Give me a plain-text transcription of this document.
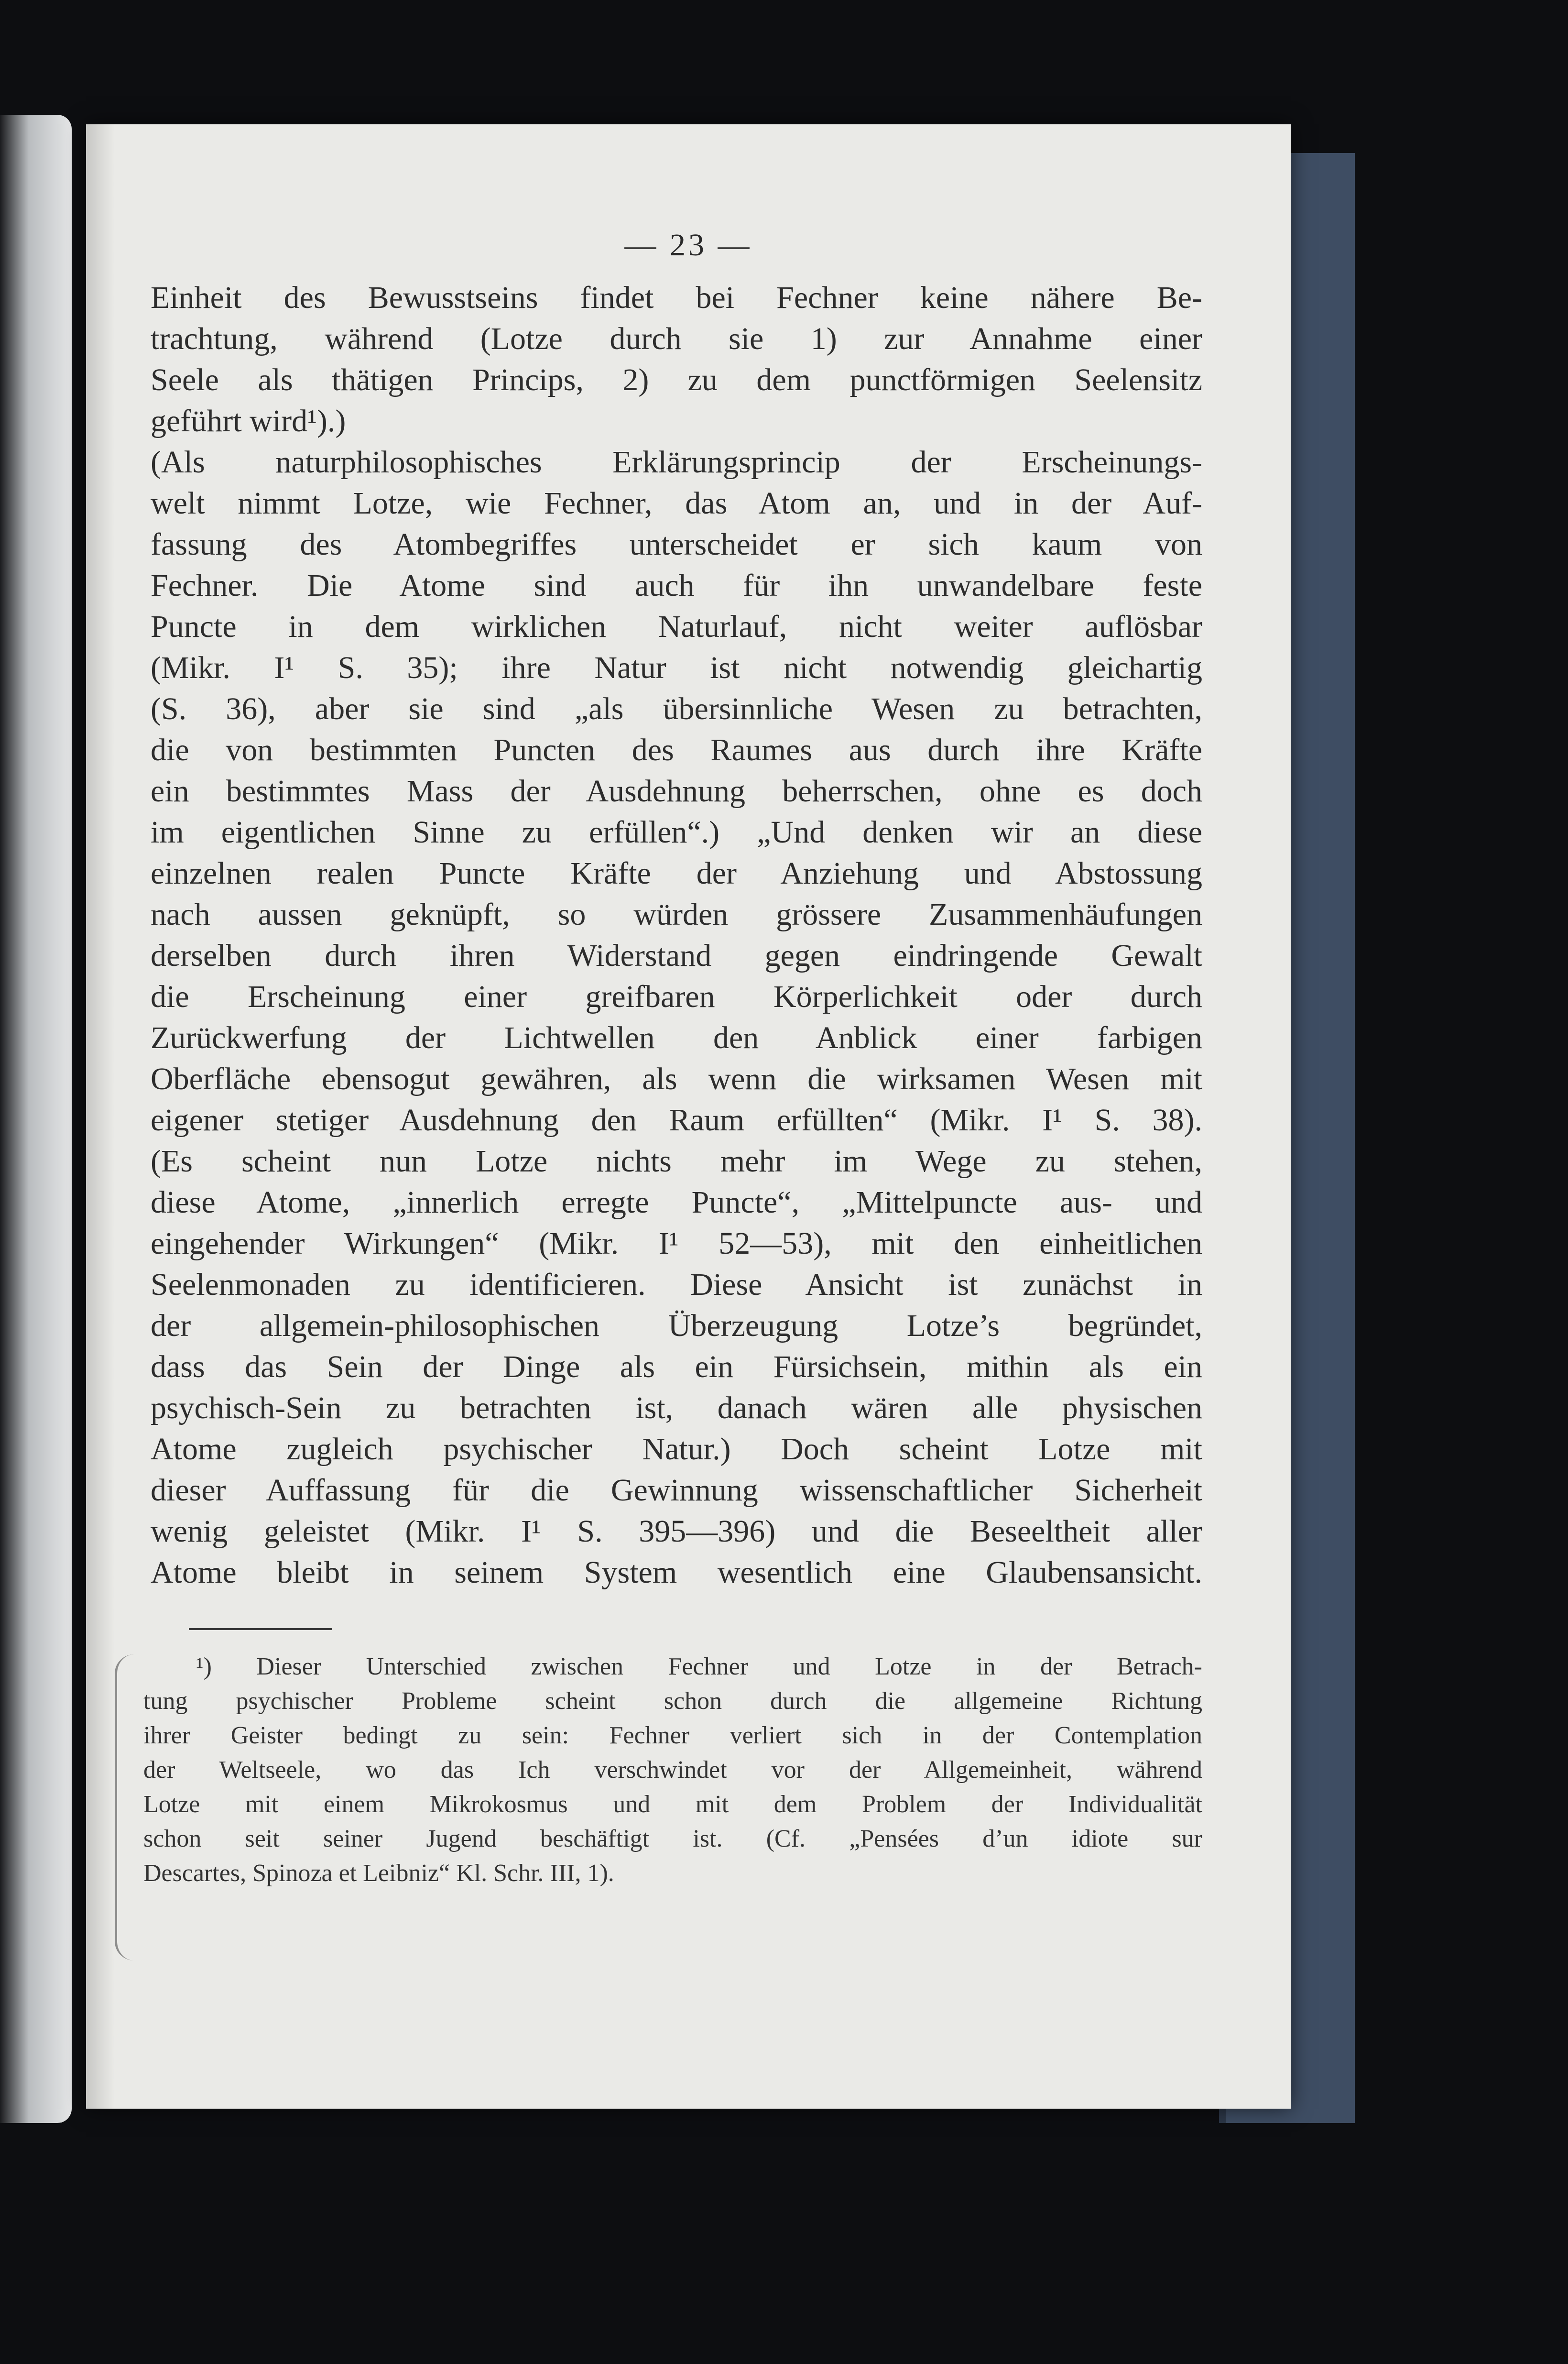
— 23 —
Einheit des Bewusstseins findet bei Fechner keine nähere Be-
trachtung, während (Lotze durch sie 1) zur Annahme einer
Seele als thätigen Princips, 2) zu dem punctförmigen Seelensitz
geführt wird¹).)
(Als naturphilosophisches Erklärungsprincip der Erscheinungs-
welt nimmt Lotze, wie Fechner, das Atom an, und in der Auf-
fassung des Atombegriffes unterscheidet er sich kaum von
Fechner. Die Atome sind auch für ihn unwandelbare feste
Puncte in dem wirklichen Naturlauf, nicht weiter auflösbar
(Mikr. I¹ S. 35); ihre Natur ist nicht notwendig gleichartig
(S. 36), aber sie sind „als übersinnliche Wesen zu betrachten,
die von bestimmten Puncten des Raumes aus durch ihre Kräfte
ein bestimmtes Mass der Ausdehnung beherrschen, ohne es doch
im eigentlichen Sinne zu erfüllen“.) „Und denken wir an diese
einzelnen realen Puncte Kräfte der Anziehung und Abstossung
nach aussen geknüpft, so würden grössere Zusammenhäufungen
derselben durch ihren Widerstand gegen eindringende Gewalt
die Erscheinung einer greifbaren Körperlichkeit oder durch
Zurückwerfung der Lichtwellen den Anblick einer farbigen
Oberfläche ebensogut gewähren, als wenn die wirksamen Wesen mit
eigener stetiger Ausdehnung den Raum erfüllten“ (Mikr. I¹ S. 38).
(Es scheint nun Lotze nichts mehr im Wege zu stehen,
diese Atome, „innerlich erregte Puncte“, „Mittelpuncte aus- und
eingehender Wirkungen“ (Mikr. I¹ 52—53), mit den einheitlichen
Seelenmonaden zu identificieren. Diese Ansicht ist zunächst in
der allgemein-philosophischen Überzeugung Lotze’s begründet,
dass das Sein der Dinge als ein Fürsichsein, mithin als ein
psychisch-Sein zu betrachten ist, danach wären alle physischen
Atome zugleich psychischer Natur.) Doch scheint Lotze mit
dieser Auffassung für die Gewinnung wissenschaftlicher Sicherheit
wenig geleistet (Mikr. I¹ S. 395—396) und die Beseeltheit aller
Atome bleibt in seinem System wesentlich eine Glaubensansicht.
¹) Dieser Unterschied zwischen Fechner und Lotze in der Betrach-
tung psychischer Probleme scheint schon durch die allgemeine Richtung
ihrer Geister bedingt zu sein: Fechner verliert sich in der Contemplation
der Weltseele, wo das Ich verschwindet vor der Allgemeinheit, während
Lotze mit einem Mikrokosmus und mit dem Problem der Individualität
schon seit seiner Jugend beschäftigt ist. (Cf. „Pensées d’un idiote sur
Descartes, Spinoza et Leibniz“ Kl. Schr. III, 1).
